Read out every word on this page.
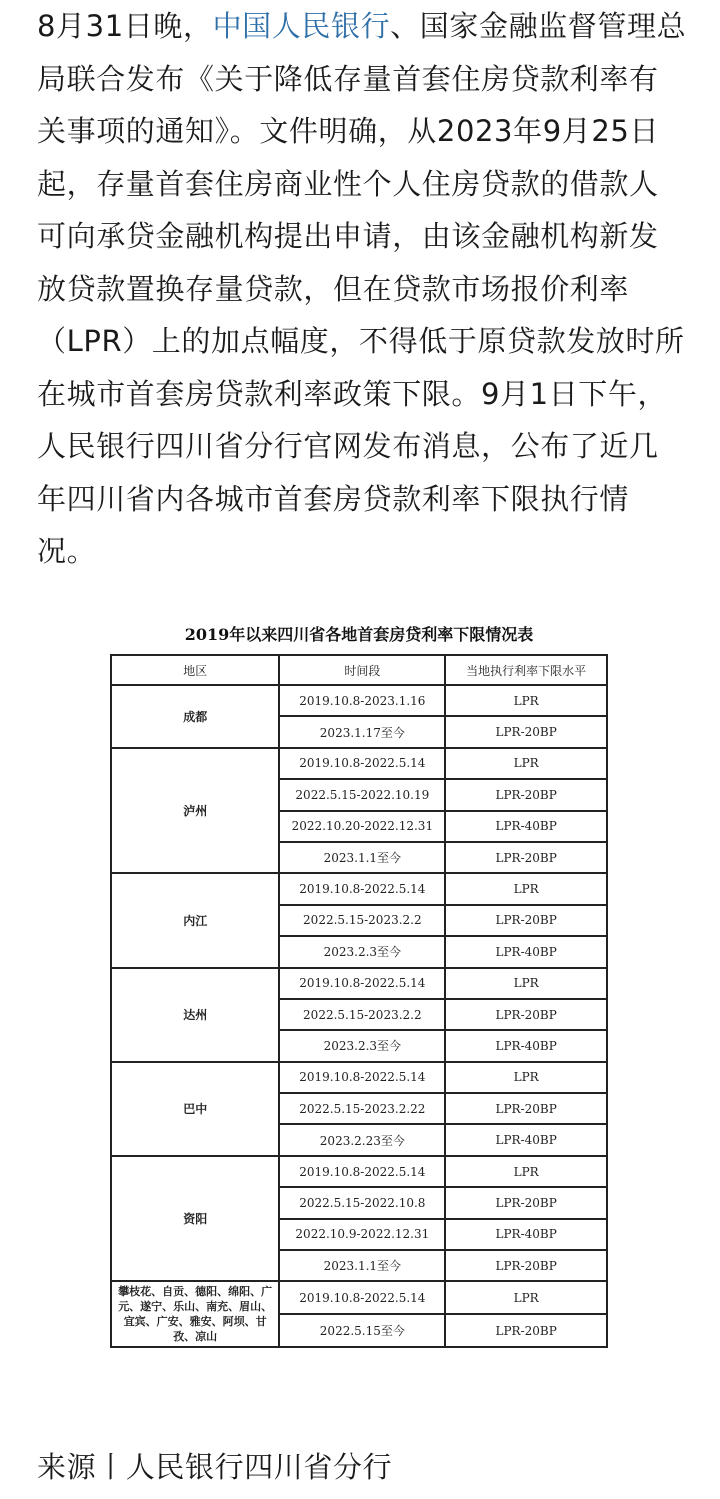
8月31日晚，中国人民银行、国家金融监督管理总
局联合发布《关于降低存量首套住房贷款利率有
关事项的通知》。文件明确，从2023年9月25日
起，存量首套住房商业性个人住房贷款的借款人
可向承贷金融机构提出申请，由该金融机构新发
放贷款置换存量贷款，但在贷款市场报价利率
（LPR）上的加点幅度，不得低于原贷款发放时所
在城市首套房贷款利率政策下限。9月1日下午，
人民银行四川省分行官网发布消息，公布了近几
年四川省内各城市首套房贷款利率下限执行情
况。

2019年以来四川省各地首套房贷利率下限情况表
地区	时间段	当地执行利率下限水平
成都	2019.10.8-2023.1.16	LPR
	2023.1.17至今	LPR-20BP
泸州	2019.10.8-2022.5.14	LPR
	2022.5.15-2022.10.19	LPR-20BP
	2022.10.20-2022.12.31	LPR-40BP
	2023.1.1至今	LPR-20BP
内江	2019.10.8-2022.5.14	LPR
	2022.5.15-2023.2.2	LPR-20BP
	2023.2.3至今	LPR-40BP
达州	2019.10.8-2022.5.14	LPR
	2022.5.15-2023.2.2	LPR-20BP
	2023.2.3至今	LPR-40BP
巴中	2019.10.8-2022.5.14	LPR
	2022.5.15-2023.2.22	LPR-20BP
	2023.2.23至今	LPR-40BP
资阳	2019.10.8-2022.5.14	LPR
	2022.5.15-2022.10.8	LPR-20BP
	2022.10.9-2022.12.31	LPR-40BP
	2023.1.1至今	LPR-20BP
攀枝花、自贡、德阳、绵阳、广元、遂宁、乐山、南充、眉山、宜宾、广安、雅安、阿坝、甘孜、凉山	2019.10.8-2022.5.14	LPR
	2022.5.15至今	LPR-20BP

来源丨人民银行四川省分行
